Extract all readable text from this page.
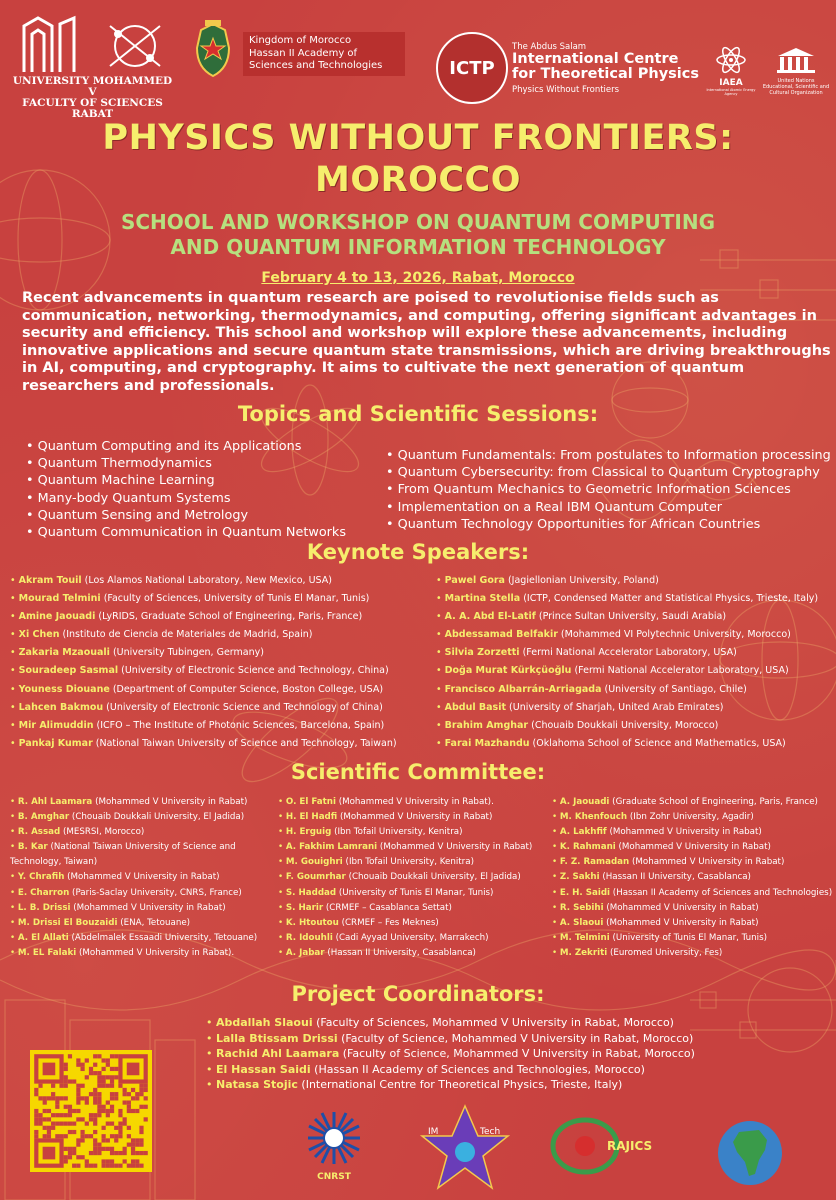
UNIVERSITY MOHAMMED V
FACULTY OF SCIENCES
RABAT
Kingdom of Morocco
Hassan II Academy of
Sciences and Technologies	ICTP
The Abdus Salam
International Centre
for Theoretical Physics
Physics Without Frontiers
IAEA
International Atomic Energy Agency
United Nations
Educational, Scientific and
Cultural Organization
PHYSICS WITHOUT FRONTIERS:
MOROCCO
SCHOOL AND WORKSHOP ON QUANTUM COMPUTING
AND QUANTUM INFORMATION TECHNOLOGY
February 4 to 13, 2026, Rabat, Morocco
Recent advancements in quantum research are poised to revolutionise fields such as communication, networking, thermodynamics, and computing, offering significant advantages in security and efficiency. This school and workshop will explore these advancements, including innovative applications and secure quantum state transmissions, which are driving breakthroughs in AI, computing, and cryptography. It aims to cultivate the next generation of quantum researchers and professionals.
Topics and Scientific Sessions:
• Quantum Computing and its Applications
• Quantum Thermodynamics
• Quantum Machine Learning
• Many-body Quantum Systems
• Quantum Sensing and Metrology
• Quantum Communication in Quantum Networks
• Quantum Fundamentals: From postulates to Information processing
• Quantum Cybersecurity: from Classical to Quantum Cryptography
• From Quantum Mechanics to Geometric Information Sciences
• Implementation on a Real IBM Quantum Computer
• Quantum Technology Opportunities for African Countries
Keynote Speakers:
• Akram Touil (Los Alamos National Laboratory, New Mexico, USA)
• Mourad Telmini (Faculty of Sciences, University of Tunis El Manar, Tunis)
• Amine Jaouadi (LyRIDS, Graduate School of Engineering, Paris, France)
• Xi Chen (Instituto de Ciencia de Materiales de Madrid, Spain)
• Zakaria Mzaouali (University Tubingen, Germany)
• Souradeep Sasmal (University of Electronic Science and Technology, China)
• Youness Diouane (Department of Computer Science, Boston College, USA)
• Lahcen Bakmou (University of Electronic Science and Technology of China)
• Mir Alimuddin (ICFO – The Institute of Photonic Sciences, Barcelona, Spain)
• Pankaj Kumar (National Taiwan University of Science and Technology, Taiwan)
• Pawel Gora (Jagiellonian University, Poland)
• Martina Stella (ICTP, Condensed Matter and Statistical Physics, Trieste, Italy)
• A. A. Abd El-Latif (Prince Sultan University, Saudi Arabia)
• Abdessamad Belfakir (Mohammed VI Polytechnic University, Morocco)
• Silvia Zorzetti (Fermi National Accelerator Laboratory, USA)
• Doğa Murat Kürkçüoğlu (Fermi National Accelerator Laboratory, USA)
• Francisco Albarrán-Arriagada (University of Santiago, Chile)
• Abdul Basit (University of Sharjah, United Arab Emirates)
• Brahim Amghar (Chouaib Doukkali University, Morocco)
• Farai Mazhandu (Oklahoma School of Science and Mathematics, USA)
Scientific Committee:
• R. Ahl Laamara (Mohammed V University in Rabat)
• B. Amghar (Chouaib Doukkali University, El Jadida)
• R. Assad (MESRSI, Morocco)
• B. Kar (National Taiwan University of Science and Technology, Taiwan)
• Y. Chrafih (Mohammed V University in Rabat)
• E. Charron (Paris-Saclay University, CNRS, France)
• L. B. Drissi (Mohammed V University in Rabat)
• M. Drissi El Bouzaidi (ENA, Tetouane)
• A. El Allati (Abdelmalek Essaadi University, Tetouane)
• M. EL Falaki (Mohammed V University in Rabat).
• O. El Fatni (Mohammed V University in Rabat).
• H. El Hadfi (Mohammed V University in Rabat)
• H. Erguig (Ibn Tofail University, Kenitra)
• A. Fakhim Lamrani (Mohammed V University in Rabat)
• M. Gouighri (Ibn Tofail University, Kenitra)
• F. Goumrhar (Chouaib Doukkali University, El Jadida)
• S. Haddad (University of Tunis El Manar, Tunis)
• S. Harir (CRMEF – Casablanca Settat)
• K. Htoutou (CRMEF – Fes Meknes)
• R. Idouhli (Cadi Ayyad University, Marrakech)
• A. Jabar (Hassan II University, Casablanca)
• A. Jaouadi (Graduate School of Engineering, Paris, France)
• M. Khenfouch (Ibn Zohr University, Agadir)
• A. Lakhfif (Mohammed V University in Rabat)
• K. Rahmani (Mohammed V University in Rabat)
• F. Z. Ramadan (Mohammed V University in Rabat)
• Z. Sakhi (Hassan II University, Casablanca)
• E. H. Saidi (Hassan II Academy of Sciences and Technologies)
• R. Sebihi (Mohammed V University in Rabat)
• A. Slaoui (Mohammed V University in Rabat)
• M. Telmini (University of Tunis El Manar, Tunis)
• M. Zekriti (Euromed University, Fes)
Project Coordinators:
• Abdallah Slaoui (Faculty of Sciences, Mohammed V University in Rabat, Morocco)
• Lalla Btissam Drissi (Faculty of Science, Mohammed V University in Rabat, Morocco)
• Rachid Ahl Laamara (Faculty of Science, Mohammed V University in Rabat, Morocco)
• El Hassan Saidi (Hassan II Academy of Sciences and Technologies, Morocco)
• Natasa Stojic (International Centre for Theoretical Physics, Trieste, Italy)
CNRST
IM	Tech
RAJICS
